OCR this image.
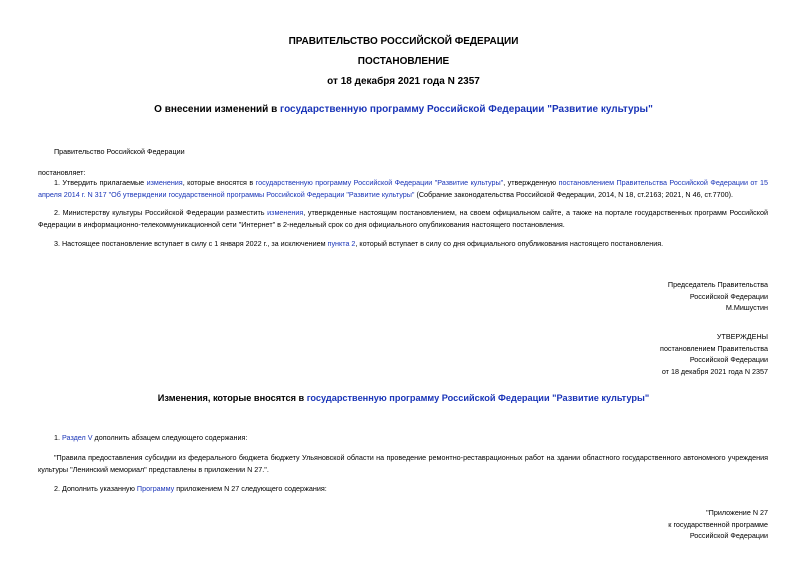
ПРАВИТЕЛЬСТВО РОССИЙСКОЙ ФЕДЕРАЦИИ
ПОСТАНОВЛЕНИЕ
от 18 декабря 2021 года N 2357
О внесении изменений в государственную программу Российской Федерации "Развитие культуры"
Правительство Российской Федерации
постановляет:
1. Утвердить прилагаемые изменения, которые вносятся в государственную программу Российской Федерации "Развитие культуры", утвержденную постановлением Правительства Российской Федерации от 15 апреля 2014 г. N 317 "Об утверждении государственной программы Российской Федерации "Развитие культуры" (Собрание законодательства Российской Федерации, 2014, N 18, ст.2163; 2021, N 46, ст.7700).
2. Министерству культуры Российской Федерации разместить изменения, утвержденные настоящим постановлением, на своем официальном сайте, а также на портале государственных программ Российской Федерации в информационно-телекоммуникационной сети "Интернет" в 2-недельный срок со дня официального опубликования настоящего постановления.
3. Настоящее постановление вступает в силу с 1 января 2022 г., за исключением пункта 2, который вступает в силу со дня официального опубликования настоящего постановления.
Председатель Правительства
Российской Федерации
М.Мишустин
УТВЕРЖДЕНЫ
постановлением Правительства
Российской Федерации
от 18 декабря 2021 года N 2357
Изменения, которые вносятся в государственную программу Российской Федерации "Развитие культуры"
1. Раздел V дополнить абзацем следующего содержания:
"Правила предоставления субсидии из федерального бюджета бюджету Ульяновской области на проведение ремонтно-реставрационных работ на здании областного государственного автономного учреждения культуры "Ленинский мемориал" представлены в приложении N 27.".
2. Дополнить указанную Программу приложением N 27 следующего содержания:
"Приложение N 27
к государственной программе
Российской Федерации
